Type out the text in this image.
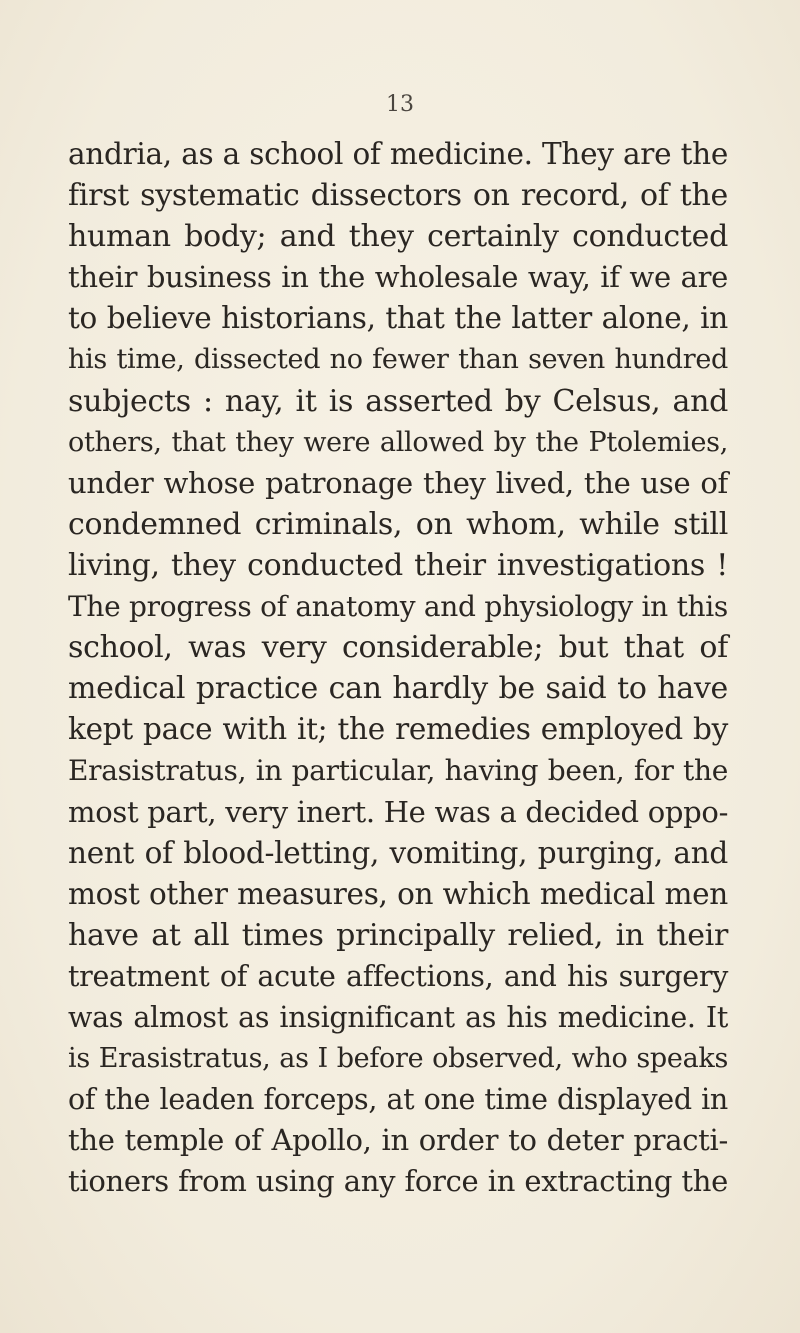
13
andria, as a school of medicine. They are the
first systematic dissectors on record, of the
human body; and they certainly conducted
their business in the wholesale way, if we are
to believe historians, that the latter alone, in
his time, dissected no fewer than seven hundred
subjects : nay, it is asserted by Celsus, and
others, that they were allowed by the Ptolemies,
under whose patronage they lived, the use of
condemned criminals, on whom, while still
living, they conducted their investigations !
The progress of anatomy and physiology in this
school, was very considerable; but that of
medical practice can hardly be said to have
kept pace with it; the remedies employed by
Erasistratus, in particular, having been, for the
most part, very inert. He was a decided oppo-
nent of blood-letting, vomiting, purging, and
most other measures, on which medical men
have at all times principally relied, in their
treatment of acute affections, and his surgery
was almost as insignificant as his medicine. It
is Erasistratus, as I before observed, who speaks
of the leaden forceps, at one time displayed in
the temple of Apollo, in order to deter practi-
tioners from using any force in extracting the
